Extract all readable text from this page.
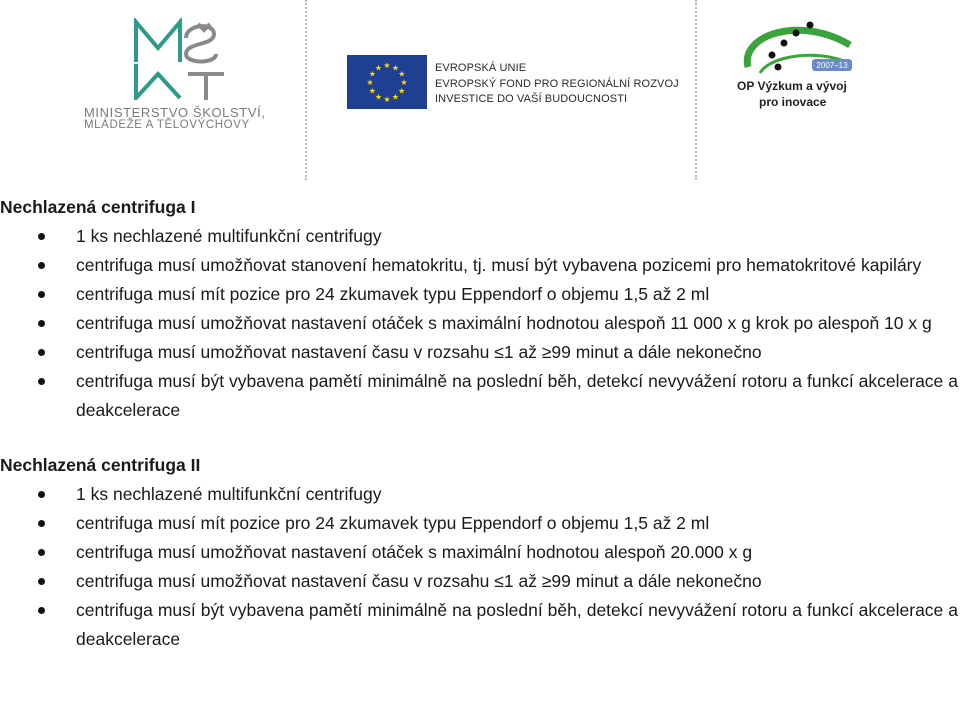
MINISTERSTVO ŠKOLSTVÍ,
MLÁDEŽE A TĚLOVÝCHOVY
★ ★
★
★
★
★
★
★
★
★
★
★	EVROPSKÁ UNIE
EVROPSKÝ FOND PRO REGIONÁLNÍ ROZVOJ
INVESTICE DO VAŠÍ BUDOUCNOSTI
2007–13
OP Výzkum a vývoj
pro inovace
Nechlazená centrifuga I
1 ks nechlazené multifunkční centrifugy
centrifuga musí umožňovat stanovení hematokritu, tj. musí být vybavena pozicemi pro hematokritové kapiláry
centrifuga musí mít pozice pro 24 zkumavek typu Eppendorf o objemu 1,5 až 2 ml
centrifuga musí umožňovat nastavení otáček s maximální hodnotou alespoň 11 000 x g krok po alespoň 10 x g
centrifuga musí umožňovat nastavení času v rozsahu ≤1 až ≥99 minut a dále nekonečno
centrifuga musí být vybavena pamětí minimálně na poslední běh, detekcí nevyvážení rotoru a funkcí akcelerace a deakcelerace
Nechlazená centrifuga II
1 ks nechlazené multifunkční centrifugy
centrifuga musí mít pozice pro 24 zkumavek typu Eppendorf o objemu 1,5 až 2 ml
centrifuga musí umožňovat nastavení otáček s maximální hodnotou alespoň 20.000 x g
centrifuga musí umožňovat nastavení času v rozsahu ≤1 až ≥99 minut a dále nekonečno
centrifuga musí být vybavena pamětí minimálně na poslední běh, detekcí nevyvážení rotoru a funkcí akcelerace a deakcelerace
